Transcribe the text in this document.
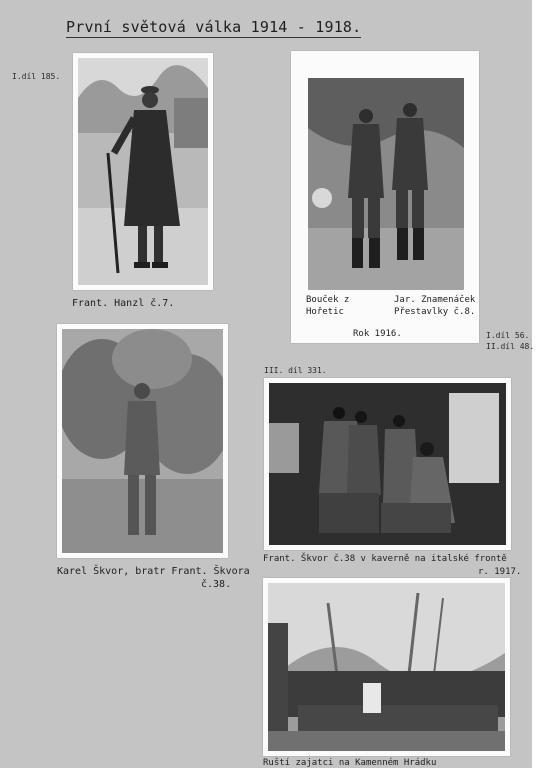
První světová válka 1914 - 1918.
I.díl 185.
Frant. Hanzl č.7.	Bouček z
Hořetic
Jar. Znamenáček
Přestavlky č.8.
Rok 1916.	I.díl 56.
II.díl 48.
Karel Škvor, bratr Frant. Škvora
č.38.
III. díl 331.
Frant. Škvor č.38 v kaverně na italské frontě
r. 1917.
Ruští zajatci na Kamenném Hrádku
